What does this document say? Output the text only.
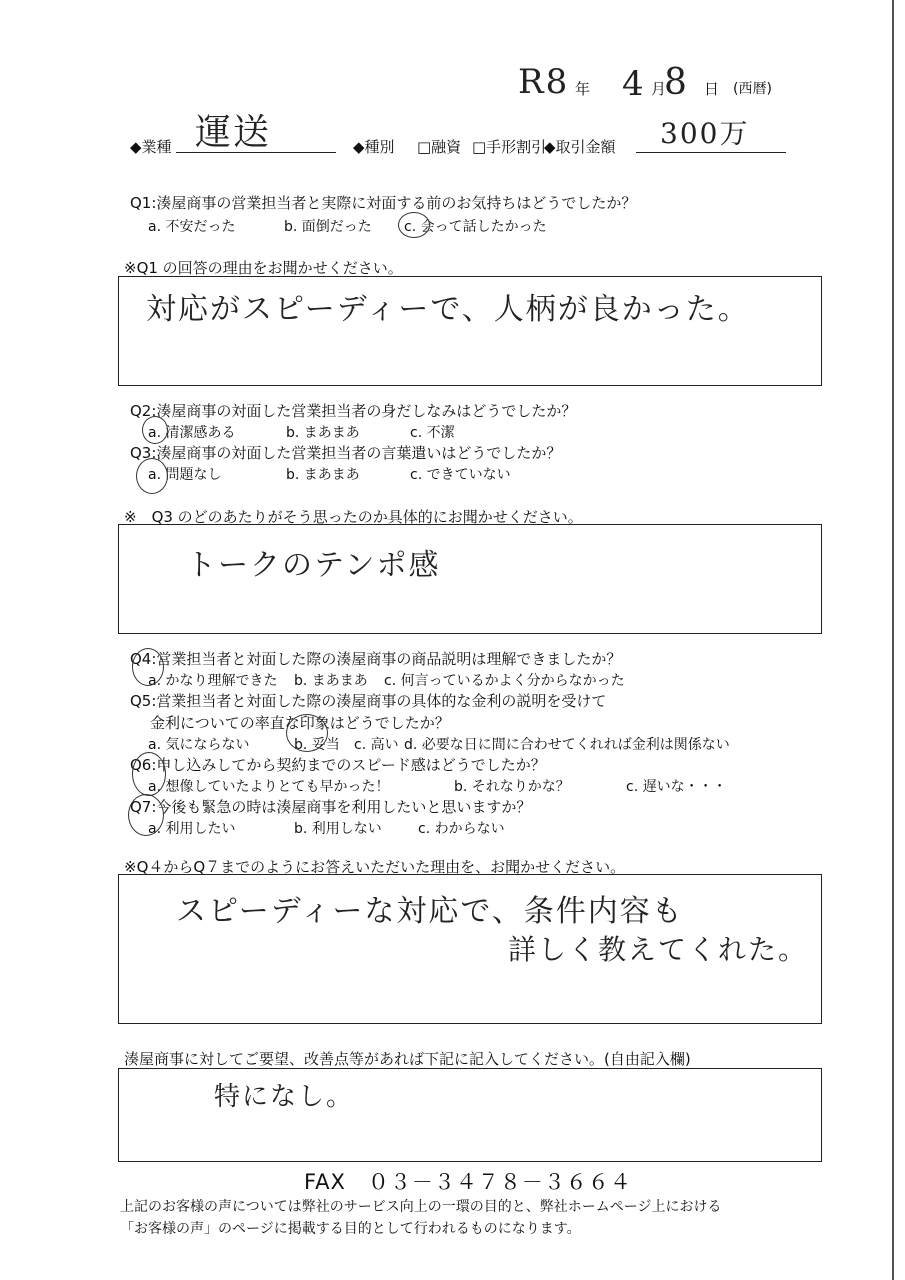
R8 年 4 月
8 日 (西暦)
◆業種 運送	◆種別 □融資 □手形割引
◆取引金額 300万
Q1:湊屋商事の営業担当者と実際に対面する前のお気持ちはどうでしたか？
a. 不安だった	b. 面倒だった c. 会って話したかった
※Q1 の回答の理由をお聞かせください。
対応がスピーディーで、人柄が良かった。
Q2:湊屋商事の対面した営業担当者の身だしなみはどうでしたか？
a. 清潔感ある	b. まあまあ	c. 不潔
Q3:湊屋商事の対面した営業担当者の言葉遣いはどうでしたか？
a. 問題なし	b. まあまあ	c. できていない
※　Q3 のどのあたりがそう思ったのか具体的にお聞かせください。
トークのテンポ感
Q4:営業担当者と対面した際の湊屋商事の商品説明は理解できましたか？
a. かなり理解できた b. まあまあ c. 何言っているかよく分からなかった
Q5:営業担当者と対面した際の湊屋商事の具体的な金利の説明を受けて
金利についての率直な印象はどうでしたか？
a. 気にならない	b. 妥当 c. 高い d. 必要な日に間に合わせてくれれば金利は関係ない
Q6:申し込みしてから契約までのスピード感はどうでしたか？
a. 想像していたよりとても早かった！	b. それなりかな？	c. 遅いな・・・
Q7:今後も緊急の時は湊屋商事を利用したいと思いますか？
a. 利用したい	b. 利用しない	c. わからない
※Q４からQ７までのようにお答えいただいた理由を、お聞かせください。
スピーディーな対応で、条件内容も
詳しく教えてくれた。
湊屋商事に対してご要望、改善点等があれば下記に記入してください。(自由記入欄)
特になし。
FAX　０３－３４７８－３６６４
上記のお客様の声については弊社のサービス向上の一環の目的と、弊社ホームページ上における
「お客様の声」のページに掲載する目的として行われるものになります。
